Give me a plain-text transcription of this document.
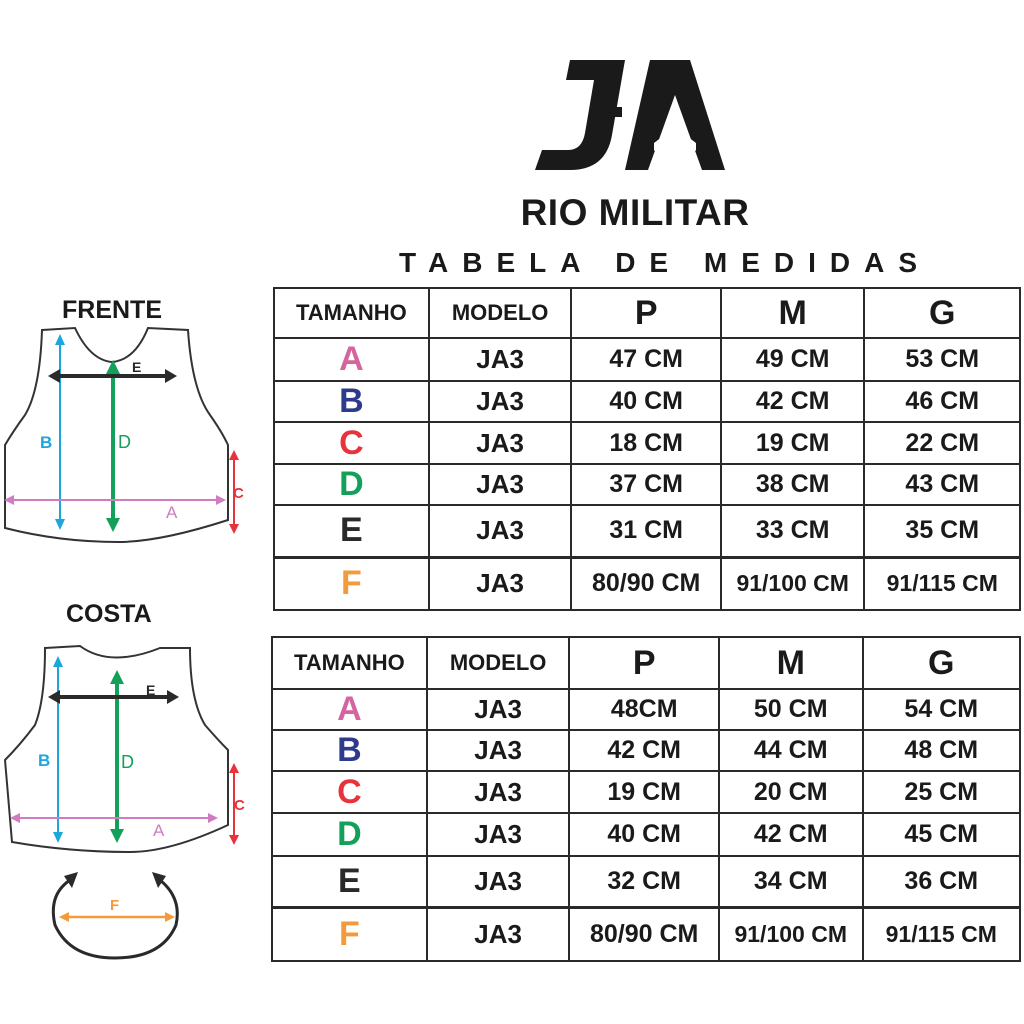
RIO MILITAR
TABELA DE MEDIDAS
FRENTE
B	D
E
A
C
COSTA
B	D
E
A
C
F
TAMANHO	MODELO	P	M	G
A	JA3	47 CM	49 CM	53 CM
B	JA3	40 CM	42 CM	46 CM
C	JA3	18 CM	19 CM	22 CM
D	JA3	37 CM	38 CM	43 CM
E	JA3	31 CM	33 CM	35 CM
F	JA3	80/90 CM	91/100 CM	91/115 CM
TAMANHO	MODELO	P	M	G
A	JA3	48CM	50 CM	54 CM
B	JA3	42 CM	44 CM	48 CM
C	JA3	19 CM	20 CM	25 CM
D	JA3	40 CM	42 CM	45 CM
E	JA3	32 CM	34 CM	36 CM
F	JA3	80/90 CM	91/100 CM	91/115 CM
